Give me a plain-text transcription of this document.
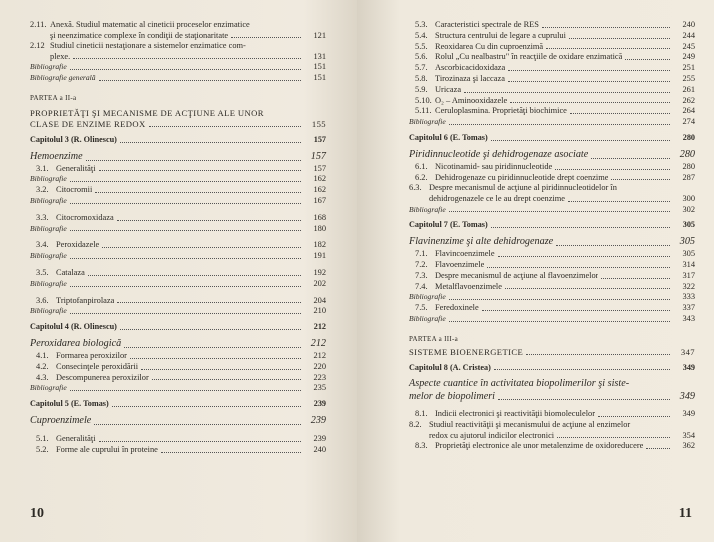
2.11. Anexă. Studiul matematic al cineticii proceselor enzimatice
şi neenzimatice complexe în condiţii de staţionaritate	121
2.12 Studiul cineticii nestaţionare a sistemelor enzimatice com-
plexe.	131
Bibliografie	151
Bibliografie generală	151
PARTEA a II-a
PROPRIETĂŢI ŞI MECANISME DE ACŢIUNE ALE UNOR
CLASE DE ENZIME REDOX	155
Capitolul 3 (R. Olinescu)	157
Hemoenzime	157
3.1. Generalităţi	157
Bibliografie	162
3.2. Citocromii	162
Bibliografie	167
3.3. Citocromoxidaza	168
Bibliografie	180
3.4. Peroxidazele	182
Bibliografie	191
3.5. Catalaza	192
Bibliografie	202
3.6. Triptofanpirolaza	204
Bibliografie	210
Capitolul 4 (R. Olinescu)	212
Peroxidarea biologică	212
4.1. Formarea peroxizilor	212
4.2. Consecinţele peroxidării	220
4.3. Descompunerea peroxizilor	223
Bibliografie	235
Capitolul 5 (E. Tomas)	239
Cuproenzimele	239
5.1. Generalităţi	239
5.2. Forme ale cuprului în proteine	240
10
5.3. Caracteristici spectrale de RES	240
5.4. Structura centrului de legare a cuprului	244
5.5. Reoxidarea Cu din cuproenzimă	245
5.6. Rolul „Cu nealbastru" în reacţiile de oxidare enzimatică	249
5.7. Ascorbicacidoxidaza	251
5.8. Tirozinaza şi laccaza	255
5.9. Uricaza	261
5.10. O₂ ‒ Aminooxidazele	262
5.11. Ceruloplasmina. Proprietăţi biochimice	264
Bibliografie	274
Capitolul 6 (E. Tomas)	280
Piridinnucleotide şi dehidrogenaze asociate	280
6.1. Nicotinamid- sau piridinnucleotide	280
6.2. Dehidrogenaze cu piridinnucleotide drept coenzime	287
6.3. Despre mecanismul de acţiune al piridinnucleotidelor în
dehidrogenazele ce le au drept coenzime	300
Bibliografie	302
Capitolul 7 (E. Tomas)	305
Flavinenzime şi alte dehidrogenaze	305
7.1. Flavincoenzimele	305
7.2. Flavoenzimele	314
7.3. Despre mecanismul de acţiune al flavoenzimelor	317
7.4. Metalflavoenzimele	322
Bibliografie	333
7.5. Feredoxinele	337
Bibliografie	343
PARTEA a III-a
SISTEME BIOENERGETICE	347
Capitolul 8 (A. Cristea)	349
Aspecte cuantice în activitatea biopolimerilor şi siste-
melor de biopolimeri	349
8.1. Indicii electronici şi reactivităţii biomoleculelor	349
8.2. Studiul reactivităţii şi mecanismului de acţiune al enzimelor
redox cu ajutorul indicilor electronici	354
8.3. Proprietăţi electronice ale unor metalenzime de oxidoreducere	362
11
